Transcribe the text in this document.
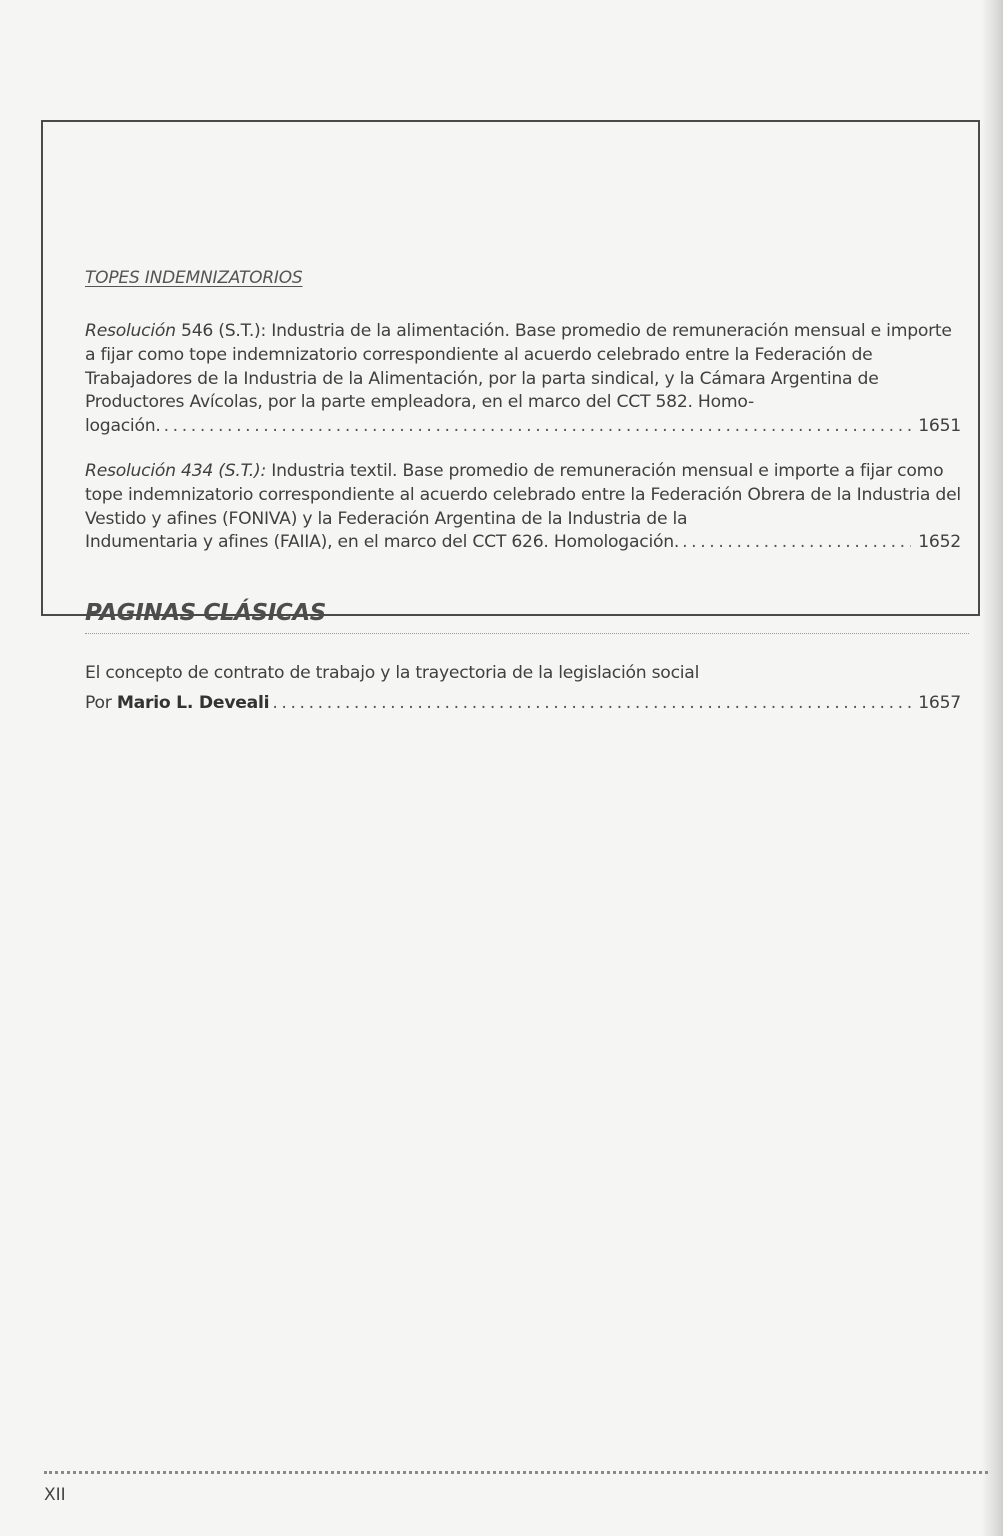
TOPES INDEMNIZATORIOS
Resolución 546 (S.T.): Industria de la alimentación. Base promedio de remuneración mensual e importe a fijar como tope indemnizatorio correspondiente al acuerdo celebrado entre la Federación de Trabajadores de la Industria de la Alimentación, por la parta sindical, y la Cámara Argentina de Productores Avícolas, por la parte empleadora, en el marco del CCT 582. Homo-
logación. .....	1651
Resolución 434 (S.T.): Industria textil. Base promedio de remuneración mensual e importe a fijar como tope indemnizatorio correspondiente al acuerdo celebrado entre la Federación Obrera de la Industria del Vestido y afines (FONIVA) y la Federación Argentina de la Industria de la
Indumentaria y afines (FAIIA), en el marco del CCT 626. Homologación. .....	1652
PAGINAS CLÁSICAS
El concepto de contrato de trabajo y la trayectoria de la legislación social
Por Mario L. Deveali .....	1657
XII
